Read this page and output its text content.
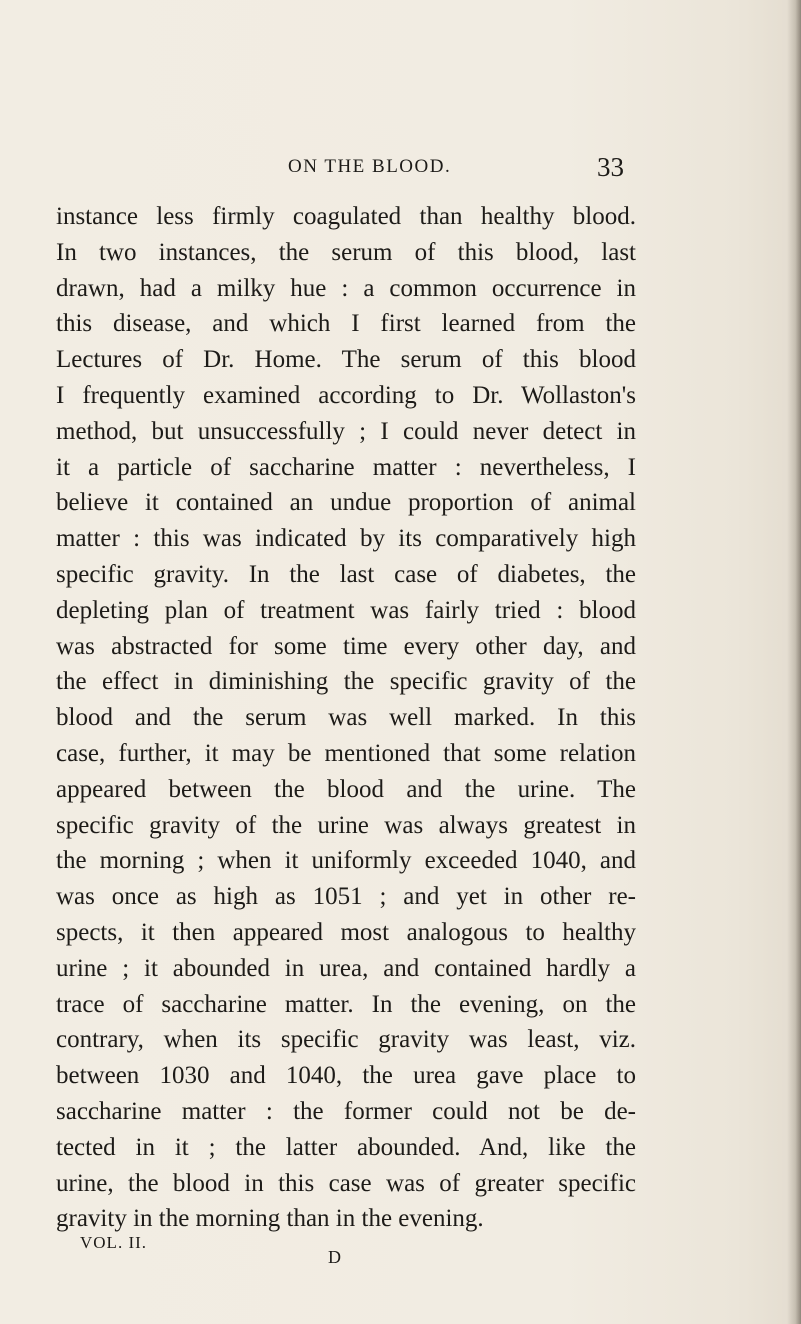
ON THE BLOOD.	33
instance less firmly coagulated than healthy blood.
In two instances, the serum of this blood, last
drawn, had a milky hue : a common occurrence in
this disease, and which I first learned from the
Lectures of Dr. Home. The serum of this blood
I frequently examined according to Dr. Wollaston's
method, but unsuccessfully ; I could never detect in
it a particle of saccharine matter : nevertheless, I
believe it contained an undue proportion of animal
matter : this was indicated by its comparatively high
specific gravity. In the last case of diabetes, the
depleting plan of treatment was fairly tried : blood
was abstracted for some time every other day, and
the effect in diminishing the specific gravity of the
blood and the serum was well marked. In this
case, further, it may be mentioned that some relation
appeared between the blood and the urine. The
specific gravity of the urine was always greatest in
the morning ; when it uniformly exceeded 1040, and
was once as high as 1051 ; and yet in other re-
spects, it then appeared most analogous to healthy
urine ; it abounded in urea, and contained hardly a
trace of saccharine matter. In the evening, on the
contrary, when its specific gravity was least, viz.
between 1030 and 1040, the urea gave place to
saccharine matter : the former could not be de-
tected in it ; the latter abounded. And, like the
urine, the blood in this case was of greater specific
gravity in the morning than in the evening.
VOL. II.
D
